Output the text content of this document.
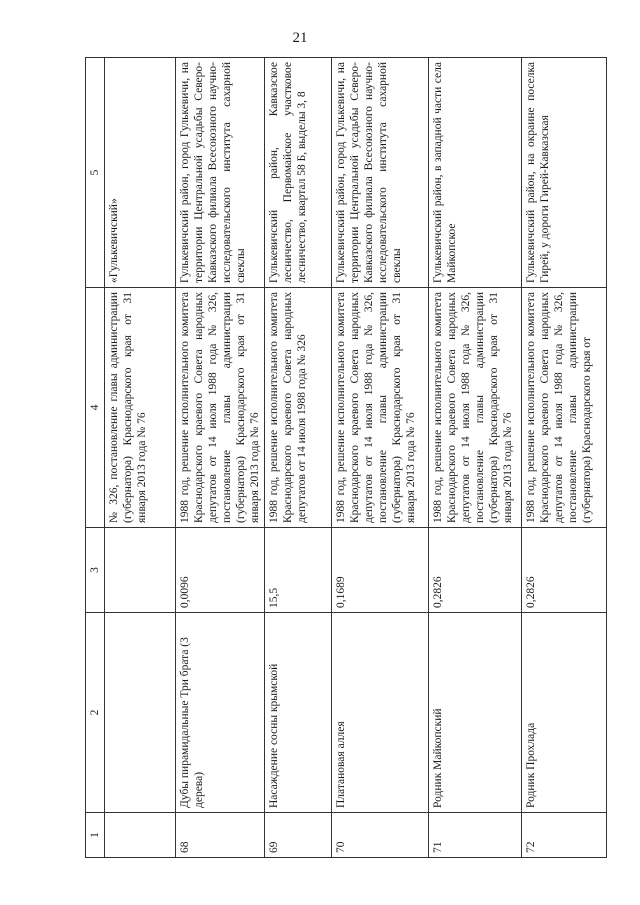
21
1	2	3	4	5
			№ 326, постановление главы администрации (губернатора) Краснодарского края от 31 января 2013 года № 76	«Гулькевичский»
68	Дубы пирамидальные Три брата (3 дерева)	0,0096	1988 год, решение исполнительного комитета Краснодарского краевого Совета народных депутатов от 14 июля 1988 года № 326, постановление главы администрации (губернатора) Краснодарского края от 31 января 2013 года № 76	Гулькевичский район, город Гулькевичи, на территории Центральной усадьбы Северо-Кавказского филиала Всесоюзного научно-исследовательского института сахарной свеклы
69	Насаждение сосны крымской	15,5	1988 год, решение исполнительного комитета Краснодарского краевого Совета народных депутатов от 14 июля 1988 года № 326	Гулькевичский район, Кавказское лесничество, Первомайское участковое лесничество, квартал 58 Б, выделы 3, 8
70	Платановая аллея	0,1689	1988 год, решение исполнительного комитета Краснодарского краевого Совета народных депутатов от 14 июля 1988 года № 326, постановление главы администрации (губернатора) Краснодарского края от 31 января 2013 года № 76	Гулькевичский район, город Гулькевичи, на территории Центральной усадьбы Северо-Кавказского филиала Всесоюзного научно-исследовательского института сахарной свеклы
71	Родник Майкопский	0,2826	1988 год, решение исполнительного комитета Краснодарского краевого Совета народных депутатов от 14 июля 1988 года № 326, постановление главы администрации (губернатора) Краснодарского края от 31 января 2013 года № 76	Гулькевичский район, в западной части села Майкопское
72	Родник Прохлада	0,2826	1988 год, решение исполнительного комитета Краснодарского краевого Совета народных депутатов от 14 июля 1988 года № 326, постановление главы администрации (губернатора) Краснодарского края от	Гулькевичский район, на окраине поселка Гирей, у дороги Гирей-Кавказская
